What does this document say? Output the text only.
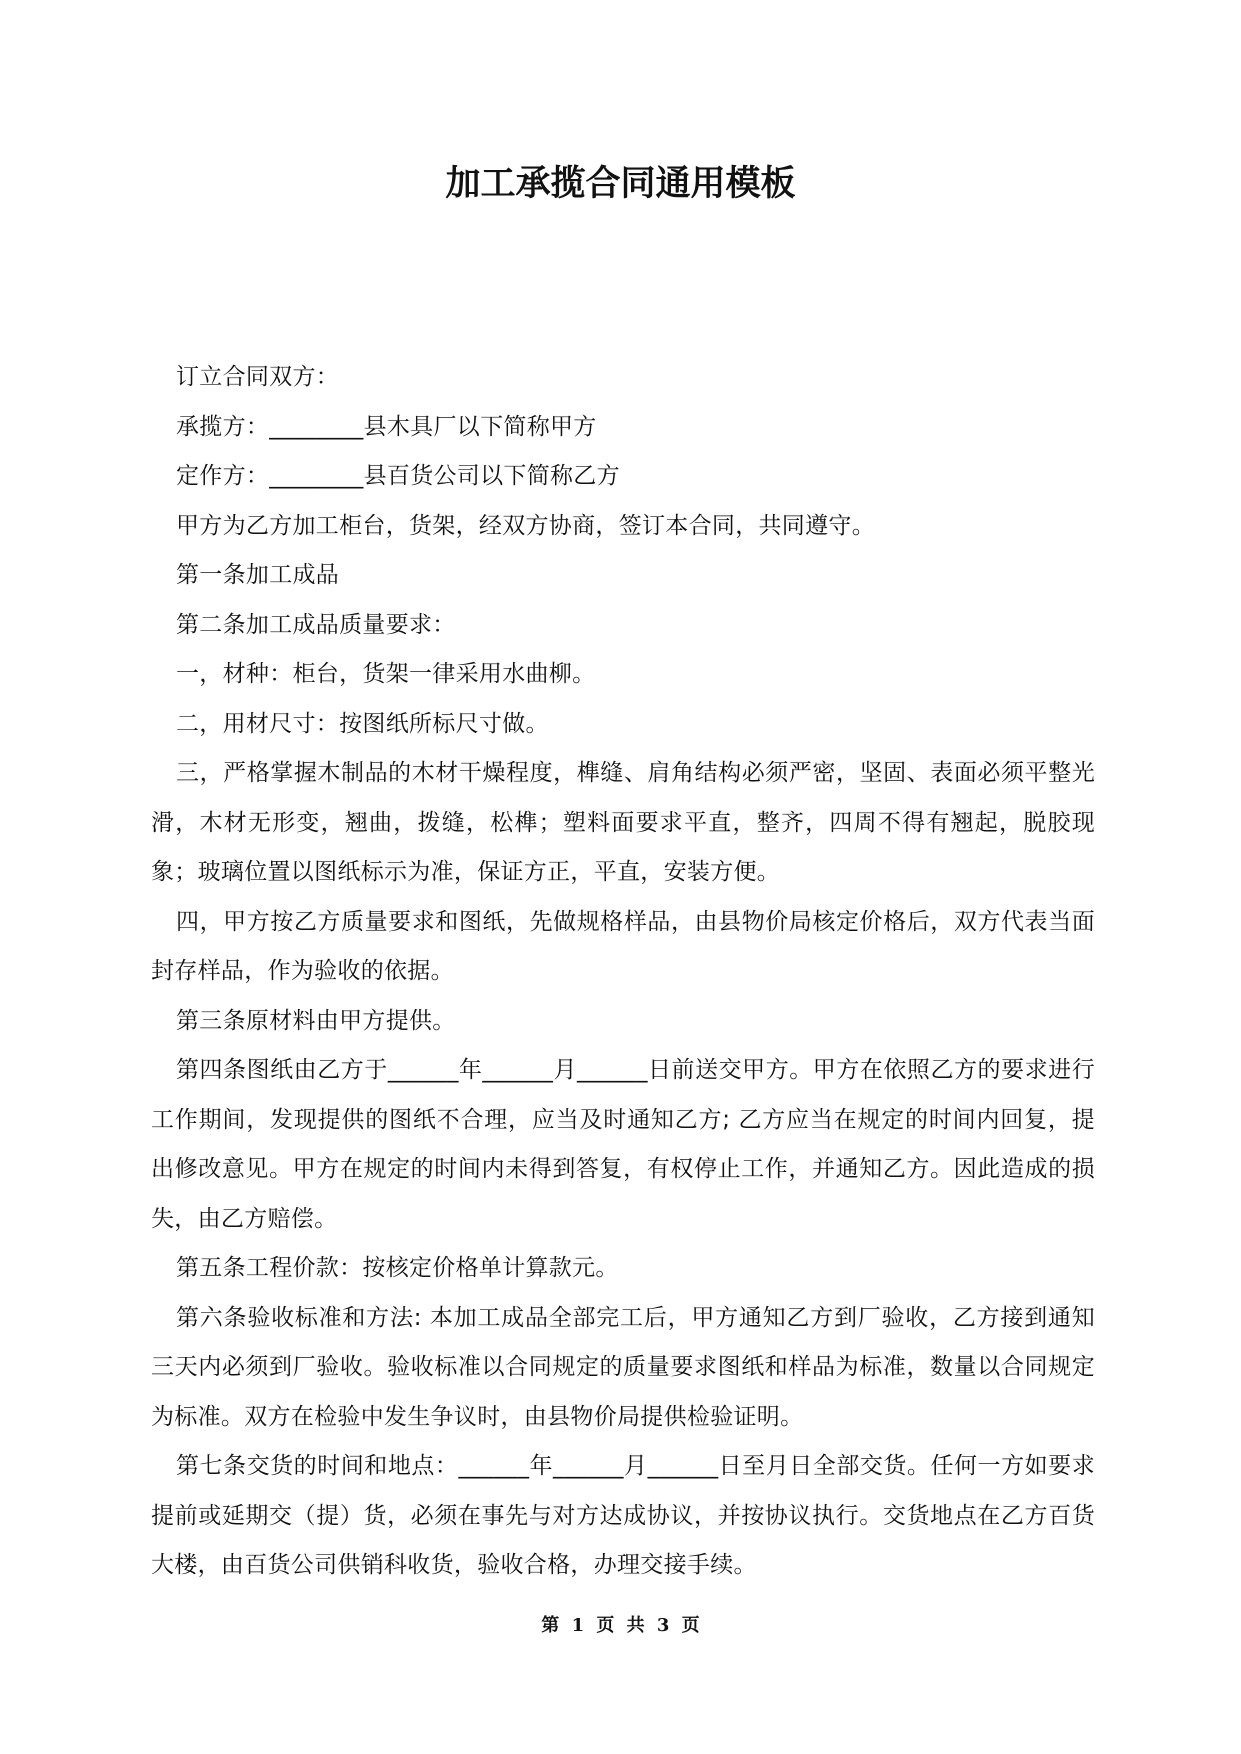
加工承揽合同通用模板

订立合同双方：

承揽方：________县木具厂以下简称甲方

定作方：________县百货公司以下简称乙方

甲方为乙方加工柜台，货架，经双方协商，签订本合同，共同遵守。

第一条加工成品

第二条加工成品质量要求：

一，材种：柜台，货架一律采用水曲柳。

二，用材尺寸：按图纸所标尺寸做。

三，严格掌握木制品的木材干燥程度，榫缝、肩角结构必须严密，坚固、表面必须平整光滑，木材无形变，翘曲，拨缝，松榫；塑料面要求平直，整齐，四周不得有翘起，脱胶现象；玻璃位置以图纸标示为准，保证方正，平直，安装方便。

四，甲方按乙方质量要求和图纸，先做规格样品，由县物价局核定价格后，双方代表当面封存样品，作为验收的依据。

第三条原材料由甲方提供。

第四条图纸由乙方于______年______月______日前送交甲方。甲方在依照乙方的要求进行工作期间，发现提供的图纸不合理，应当及时通知乙方; 乙方应当在规定的时间内回复，提出修改意见。甲方在规定的时间内未得到答复，有权停止工作，并通知乙方。因此造成的损失，由乙方赔偿。

第五条工程价款：按核定价格单计算款元。

第六条验收标准和方法: 本加工成品全部完工后，甲方通知乙方到厂验收，乙方接到通知三天内必须到厂验收。验收标准以合同规定的质量要求图纸和样品为标准，数量以合同规定为标准。双方在检验中发生争议时，由县物价局提供检验证明。

第七条交货的时间和地点：______年______月______日至月日全部交货。任何一方如要求提前或延期交（提）货，必须在事先与对方达成协议，并按协议执行。交货地点在乙方百货大楼，由百货公司供销科收货，验收合格，办理交接手续。

第 1 页 共 3 页
